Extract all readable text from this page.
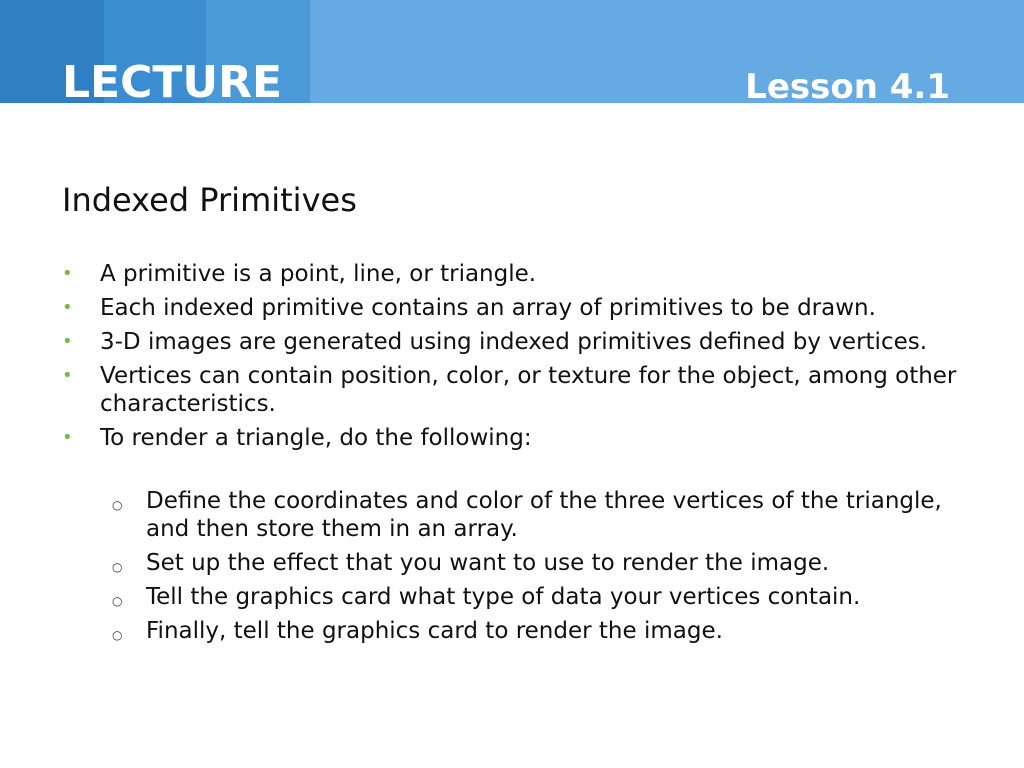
LECTURE	Lesson 4.1
Indexed Primitives
• A primitive is a point, line, or triangle.
• Each indexed primitive contains an array of primitives to be drawn.
• 3-D images are generated using indexed primitives defined by vertices.
• Vertices can contain position, color, or texture for the object, among other characteristics.
• To render a triangle, do the following:
○ Define the coordinates and color of the three vertices of the triangle, and then store them in an array.
○ Set up the effect that you want to use to render the image.
○ Tell the graphics card what type of data your vertices contain.
○ Finally, tell the graphics card to render the image.
